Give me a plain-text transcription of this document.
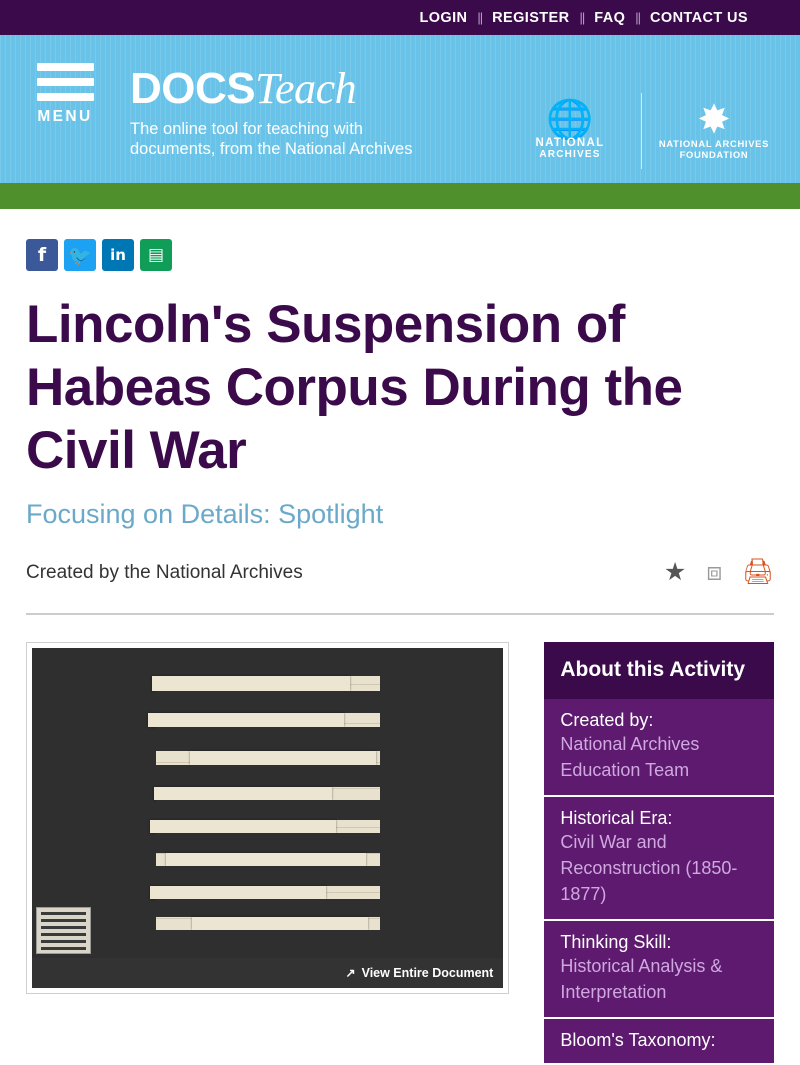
LOGIN || REGISTER || FAQ || CONTACT US
MENU
DOCSTeach
The online tool for teaching with documents, from the National Archives
🌐
NATIONAL
ARCHIVES
✸
NATIONAL ARCHIVES
FOUNDATION
f 🐦 in ▤
Lincoln's Suspension of Habeas Corpus During the Civil War
Focusing on Details: Spotlight
Created by the National Archives	★ ⧈ 🖨
↗ View Entire Document
About this Activity
Created by:
National Archives Education Team
Historical Era:
Civil War and Reconstruction (1850-1877)
Thinking Skill:
Historical Analysis & Interpretation
Bloom's Taxonomy:
